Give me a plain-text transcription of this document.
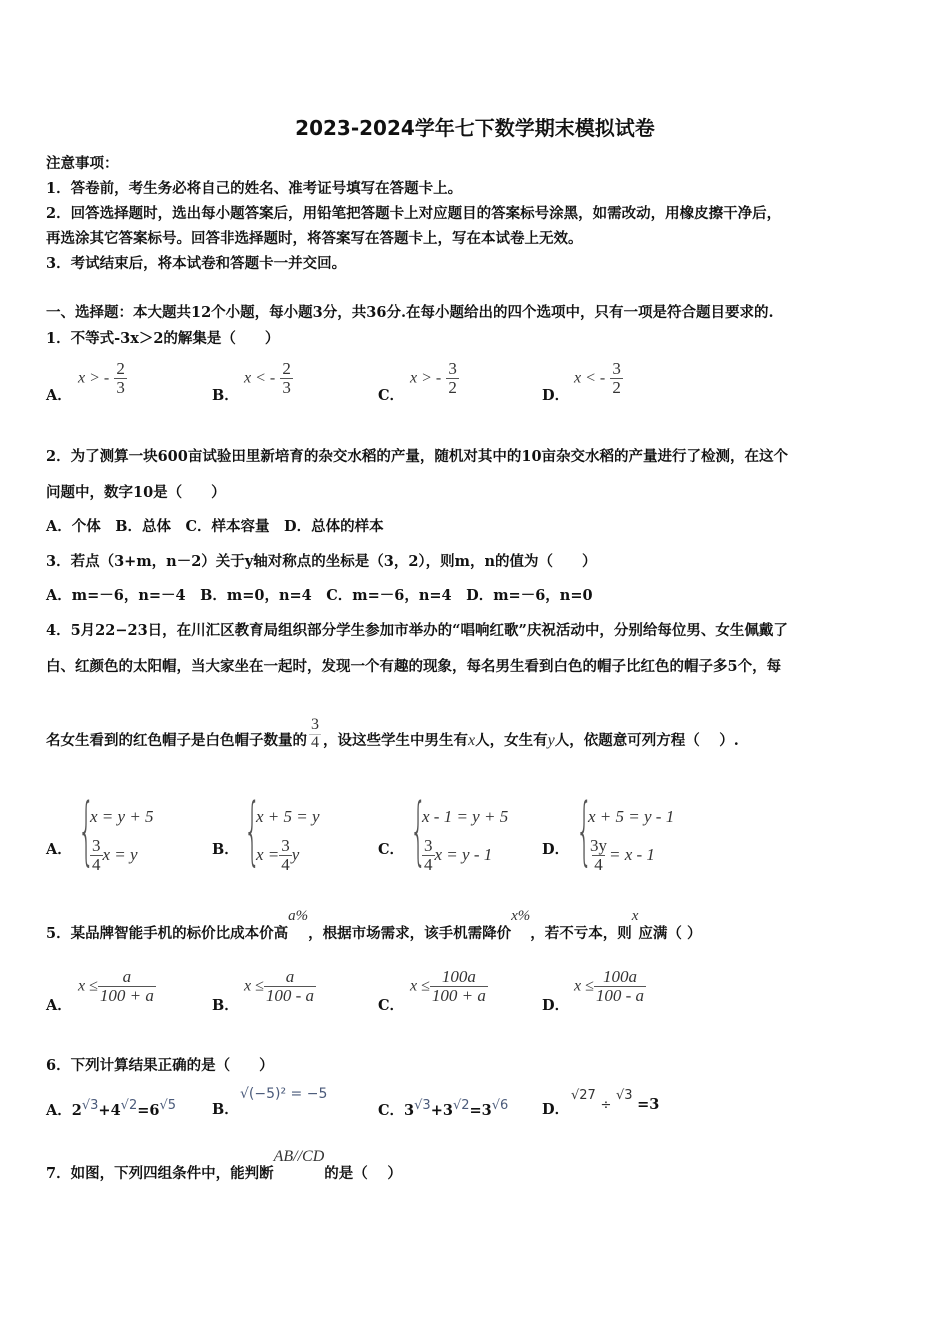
2023-2024学年七下数学期末模拟试卷
注意事项：
1．答卷前，考生务必将自己的姓名、准考证号填写在答题卡上。
2．回答选择题时，选出每小题答案后，用铅笔把答题卡上对应题目的答案标号涂黑，如需改动，用橡皮擦干净后，
再选涂其它答案标号。回答非选择题时，将答案写在答题卡上，写在本试卷上无效。
3．考试结束后，将本试卷和答题卡一并交回。
一、选择题：本大题共12个小题，每小题3分，共36分.在每小题给出的四个选项中，只有一项是符合题目要求的.
1．不等式-3x＞2的解集是（　　）
A．
x > - $\frac{2}{3}$	B．
x < - $\frac{2}{3}$	C．
x > - $\frac{3}{2}$	D．
x < - $\frac{3}{2}$
2．为了测算一块600亩试验田里新培育的杂交水稻的产量，随机对其中的10亩杂交水稻的产量进行了检测，在这个
问题中，数字10是（　　）
A．个体　B．总体　C．样本容量　D．总体的样本
3．若点（3+m，n－2）关于y轴对称点的坐标是（3，2），则m，n的值为（　　）
A．m=－6，n=－4　B．m=0，n=4　C．m=－6，n=4　D．m=－6，n=0
4．5月22−23日，在川汇区教育局组织部分学生参加市举办的“唱响红歌”庆祝活动中，分别给每位男、女生佩戴了
白、红颜色的太阳帽，当大家坐在一起时，发现一个有趣的现象，每名男生看到白色的帽子比红色的帽子多5个，每
名女生看到的红色帽子是白色帽子数量的 $\frac{3}{4}$ ，设这些学生中男生有 x 人，女生有 y 人，依题意可列方程（　 ）.
A． {
x = y + 5
$\frac{3}{4}$ x = y	B． {
x + 5 = y
$x = \frac{3}{4}$ y	C． {
x - 1 = y + 5
$\frac{3}{4}$ x = y - 1	D． {
x + 5 = y - 1
$\frac{3y}{4} = x - 1$
5．某品牌智能手机的标价比成本价高
a%
，根据市场需求，该手机需降价
x%
，若不亏本，则
x
应满（ ）
A．
$x \le \frac{a}{100 + a}$
B．
$x \le \frac{a}{100 - a}$
C．
$x \le \frac{100a}{100 + a}$
D．
$x \le \frac{100a}{100 - a}$
6．下列计算结果正确的是（　　）
A．$2^{√3}+4^{√2}=6^{√5}$ B．
√(−5)² = −5
C．$3^{√3}+3^{√2}=3^{√6}$ D．
√27 ÷ √3 =3
7．如图，下列四组条件中，能判断
AB//CD
的是（　 ）
